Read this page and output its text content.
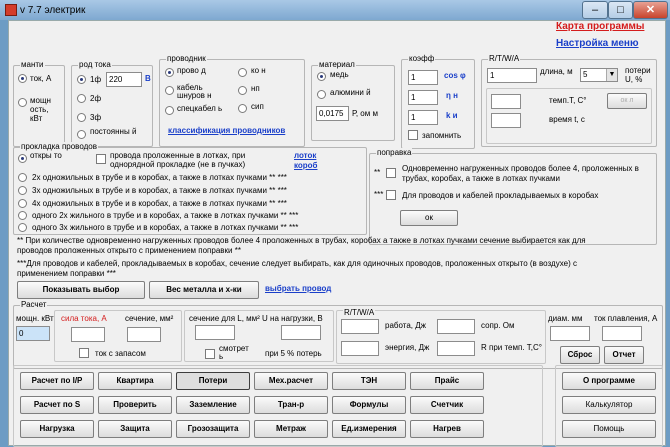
v 7.7 электрик	–	□	✕
Карта программы
Настройка меню
манти
ток, А
мощн ость, кВт
род тока
1ф 220	В
2ф
3ф
постоянны й
проводник
прово д
кабель шнуров н
спецкабел ь
ко н
нп
сип
классификация проводников
материал
медь
алюмини й
0,0175	Р, ом м
коэфф
1	cos φ
1	η н
1	k и
запомнить
R/T/W/A
1	длина, м	5	▼ потери U, %
темп.Т, С°
время t, с
ок л
прокладка проводов
откры то	провода проложенные в лотках, при однорядной прокладке (не в пучках)
лоток короб
2х одножильных в трубе и в коробах, а также в лотках пучками ** ***
3х одножильных в трубе и в коробах, а также в лотках пучками ** ***
4х одножильных в трубе и в коробах, а также в лотках пучками ** ***
одного 2х жильного в трубе и в коробах, а также в лотках пучками ** ***
одного 3х жильного в трубе и в коробах, а также в лотках пучками ** ***
поправка
**	Одновременно нагруженных проводов более 4, проложенных в трубах, коробах, а также в лотках пучками
*** Для проводов и кабелей прокладываемых в коробах
ок
** При количестве одновременно нагруженных проводов более 4 проложенных в трубах, коробах а также в лотках пучками сечение выбирается как для проводов проложенных открыто с применением поправки **
***Для проводов и кабелей, прокладываемых в коробах, сечение следует выбирать, как для одиночных проводов, проложенных открыто (в воздухе) с применением поправки ***
Показывать выбор	Вес металла и х-ки	выбрать провод
Расчет
мощн. кВт
0
сила тока, А сечение, мм²
ток с запасом
сечение для L, мм² U на нагрузки, В
смотрет ь	при 5 % потерь
R/T/W/A
работа, Дж	сопр. Ом
энергия, Дж	R при темп. Т,С°
диам. мм ток плавления, А
Сброс	Отчет
Расчет по I/P	Квартира	Потери	Мех.расчет	ТЭН	Прайс
Расчет по S	Проверить	Заземление	Тран-р	Формулы	Счетчик
Нагрузка	Защита	Грозозащита	Метраж	Ед.измерения	Нагрев
О программе
Калькулятор
Помощь
